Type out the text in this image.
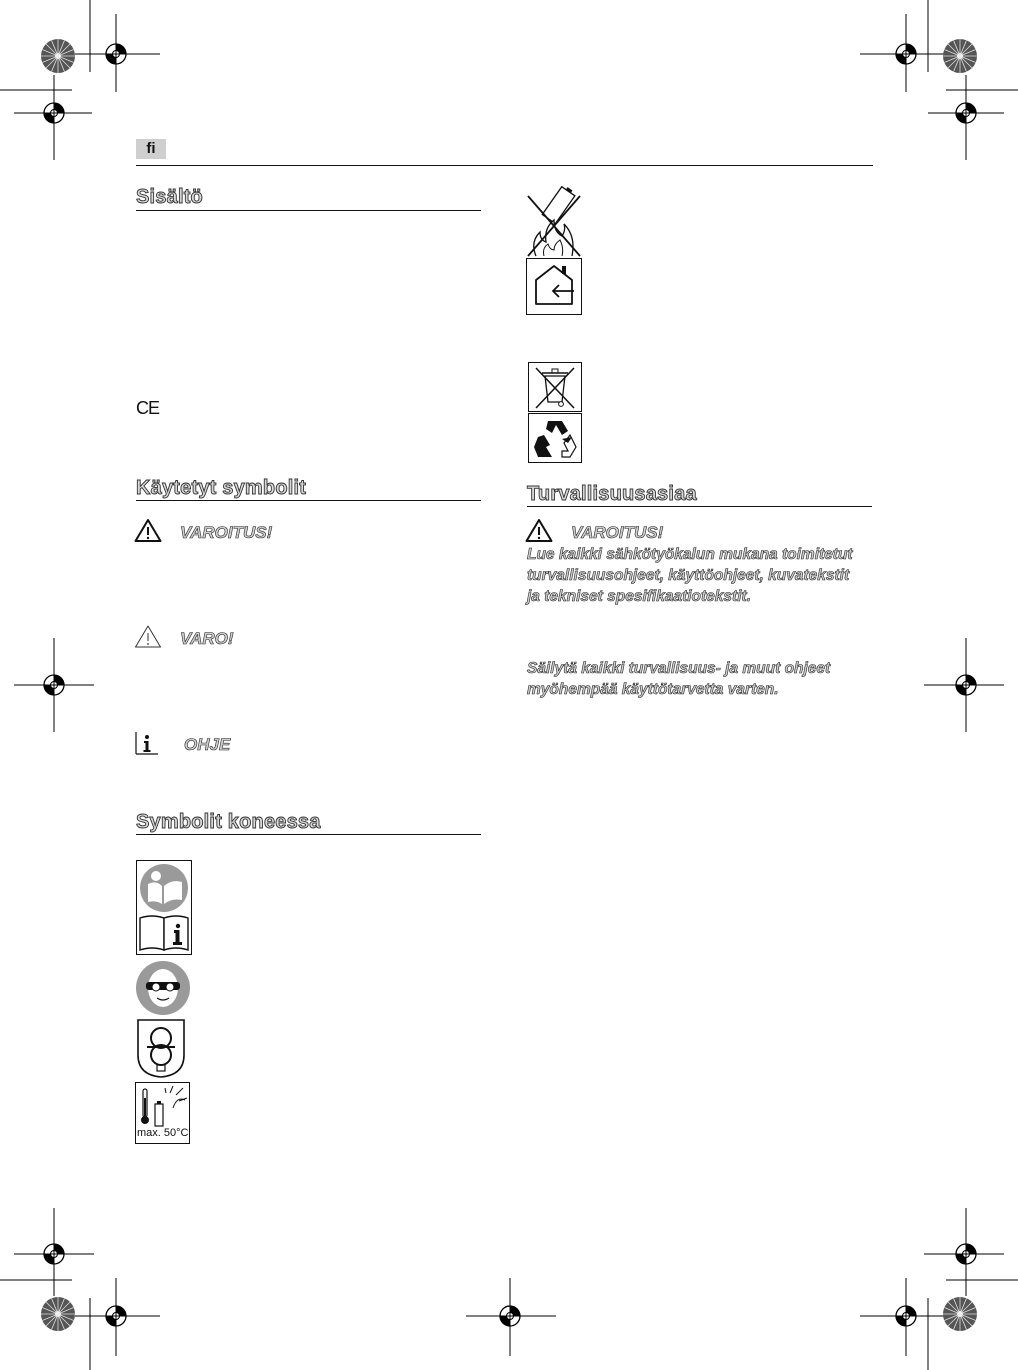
fi
Sisältö
CE
Käytetyt symbolit
VAROITUS!
VARO!
OHJE
Symbolit koneessa
max. 50°C
Turvallisuusasiaa
VAROITUS!
Lue kaikki sähkötyökalun mukana toimitetut
turvallisuusohjeet, käyttöohjeet, kuvatekstit
ja tekniset spesifikaatiotekstit.
Säilytä kaikki turvallisuus- ja muut ohjeet
myöhempää käyttötarvetta varten.
